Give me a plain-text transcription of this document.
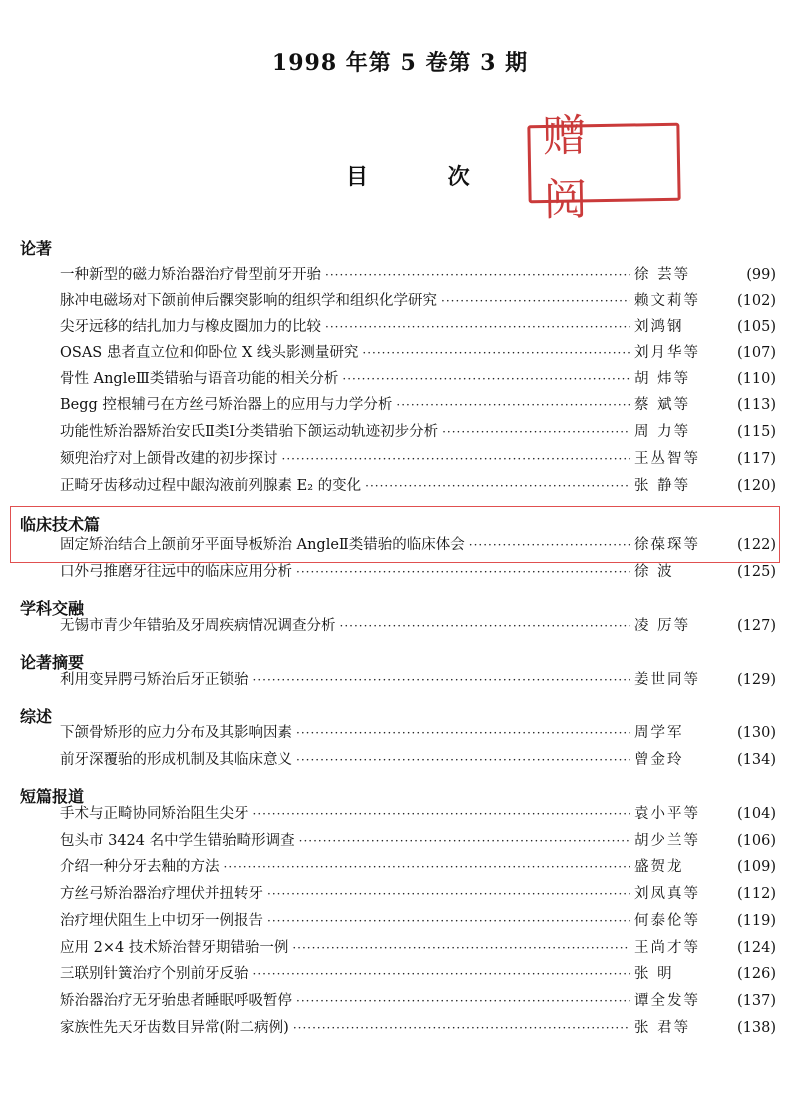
1998 年第 5 卷第 3 期
目 次
赠 阅
论著
一种新型的磁力矫治器治疗骨型前牙开骀 ·····	徐 芸等	(99)
脉冲电磁场对下颌前伸后髁突影响的组织学和组织化学研究 ·····	赖文莉等	(102)
尖牙远移的结扎加力与橡皮圈加力的比较 ·····	刘鸿钢	(105)
OSAS 患者直立位和仰卧位 X 线头影测量研究 ·····	刘月华等	(107)
骨性 AngleⅢ类错骀与语音功能的相关分析 ·····	胡 炜等	(110)
Begg 控根辅弓在方丝弓矫治器上的应用与力学分析 ·····	蔡 斌等	(113)
功能性矫治器矫治安氏Ⅱ类Ⅰ分类错骀下颌运动轨迹初步分析 ·····	周 力等	(115)
颏兜治疗对上颌骨改建的初步探讨 ·····	王丛智等	(117)
正畸牙齿移动过程中龈沟液前列腺素 E₂ 的变化 ·····	张 静等	(120)
临床技术篇
固定矫治结合上颌前牙平面导板矫治 AngleⅡ类错骀的临床体会 ·····	徐葆琛等	(122)
口外弓推磨牙往远中的临床应用分析 ·····	徐 波	(125)
学科交融
无锡市青少年错骀及牙周疾病情况调查分析 ·····	凌 厉等	(127)
论著摘要
利用变异腭弓矫治后牙正锁骀 ·····	姜世同等	(129)
综述
下颌骨矫形的应力分布及其影响因素 ·····	周学军	(130)
前牙深覆骀的形成机制及其临床意义 ·····	曾金玲	(134)
短篇报道
手术与正畸协同矫治阻生尖牙 ·····	袁小平等	(104)
包头市 3424 名中学生错骀畸形调查 ·····	胡少兰等	(106)
介绍一种分牙去釉的方法 ·····	盛贺龙	(109)
方丝弓矫治器治疗埋伏并扭转牙 ·····	刘凤真等	(112)
治疗埋伏阻生上中切牙一例报告 ·····	何泰伦等	(119)
应用 2×4 技术矫治替牙期错骀一例 ·····	王尚才等	(124)
三联别针簧治疗个别前牙反骀 ·····	张 明	(126)
矫治器治疗无牙骀患者睡眠呼吸暂停 ·····	谭全发等	(137)
家族性先天牙齿数目异常(附二病例) ·····	张 君等	(138)
